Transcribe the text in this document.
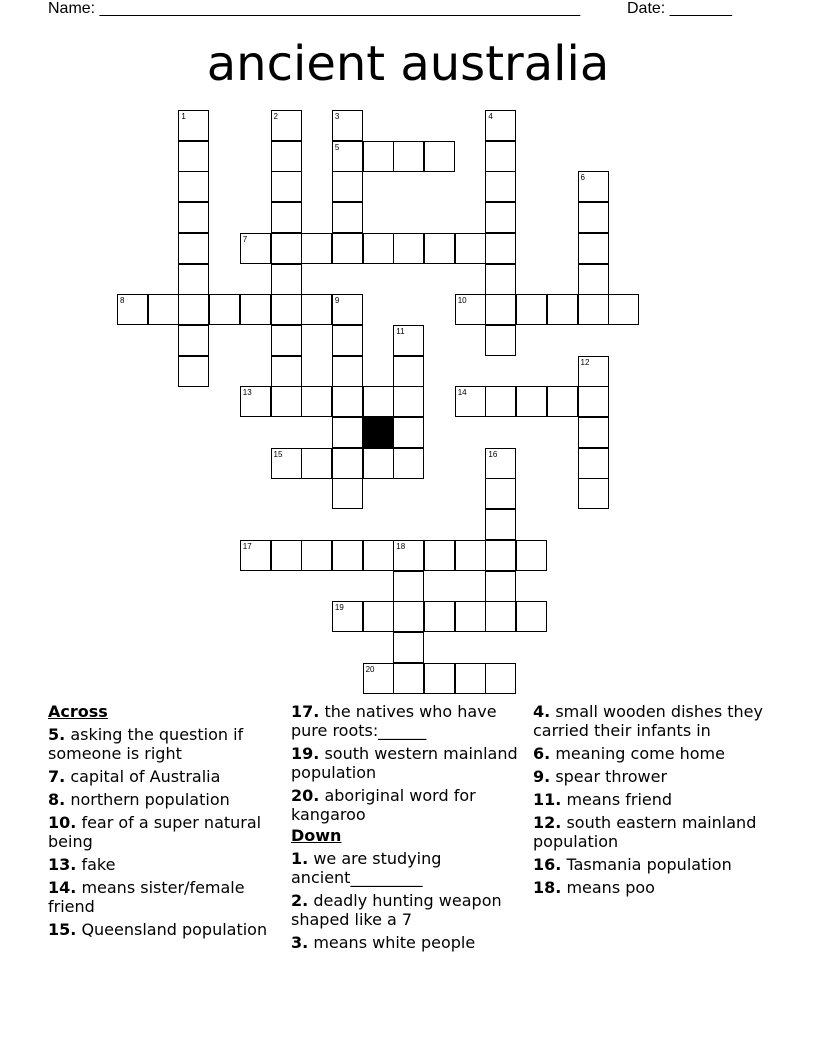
Name: ______________________________________________________	Date: _______
ancient australia
1	2	3
5
4
6
7
8	9	10
11
12
13	14
15	16
17	18
19
20
Across
5. asking the question if someone is right
7. capital of Australia
8. northern population
10. fear of a super natural being
13. fake
14. means sister/female friend
15. Queensland population
17. the natives who have pure roots:______
19. south western mainland population
20. aboriginal word for kangaroo
Down
1. we are studying ancient_________
2. deadly hunting weapon shaped like a 7
3. means white people
4. small wooden dishes they carried their infants in
6. meaning come home
9. spear thrower
11. means friend
12. south eastern mainland population
16. Tasmania population
18. means poo
